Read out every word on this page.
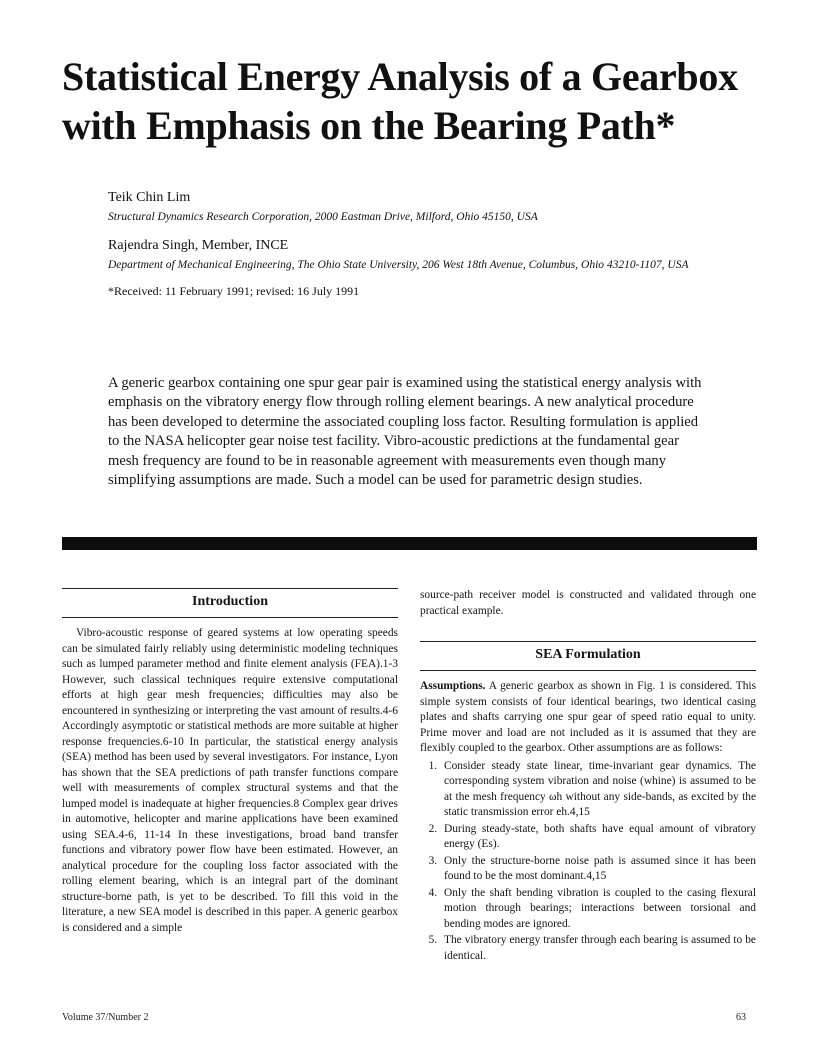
Statistical Energy Analysis of a Gearbox
with Emphasis on the Bearing Path*

Teik Chin Lim

Structural Dynamics Research Corporation, 2000 Eastman Drive, Milford, Ohio 45150, USA

Rajendra Singh, Member, INCE

Department of Mechanical Engineering, The Ohio State University, 206 West 18th Avenue, Columbus, Ohio 43210-1107, USA

*Received: 11 February 1991; revised: 16 July 1991

A generic gearbox containing one spur gear pair is examined using the statistical energy analysis with emphasis on the vibratory energy flow through rolling element bearings. A new analytical procedure has been developed to determine the associated coupling loss factor. Resulting formulation is applied to the NASA helicopter gear noise test facility. Vibro-acoustic predictions at the fundamental gear mesh frequency are found to be in reasonable agreement with measurements even though many simplifying assumptions are made. Such a model can be used for parametric design studies.

Introduction

Vibro-acoustic response of geared systems at low operating speeds can be simulated fairly reliably using deterministic modeling techniques such as lumped parameter method and finite element analysis (FEA).1-3 However, such classical techniques require extensive computational efforts at high gear mesh frequencies; difficulties may also be encountered in synthesizing or interpreting the vast amount of results.4-6 Accordingly asymptotic or statistical methods are more suitable at higher response frequencies.6-10 In particular, the statistical energy analysis (SEA) method has been used by several investigators. For instance, Lyon has shown that the SEA predictions of path transfer functions compare well with measurements of complex structural systems and that the lumped model is inadequate at higher frequencies.8 Complex gear drives in automotive, helicopter and marine applications have been examined using SEA.4-6, 11-14 In these investigations, broad band transfer functions and vibratory power flow have been estimated. However, an analytical procedure for the coupling loss factor associated with the rolling element bearing, which is an integral part of the dominant structure-borne path, is yet to be described. To fill this void in the literature, a new SEA model is described in this paper. A generic gearbox is considered and a simple

source-path receiver model is constructed and validated through one practical example.

SEA Formulation

Assumptions. A generic gearbox as shown in Fig. 1 is considered. This simple system consists of four identical bearings, two identical casing plates and shafts carrying one spur gear of speed ratio equal to unity. Prime mover and load are not included as it is assumed that they are flexibly coupled to the gearbox. Other assumptions are as follows:

1. Consider steady state linear, time-invariant gear dynamics. The corresponding system vibration and noise (whine) is assumed to be at the mesh frequency ωh without any side-bands, as excited by the static transmission error eh.4,15
2. During steady-state, both shafts have equal amount of vibratory energy (Es).
3. Only the structure-borne noise path is assumed since it has been found to be the most dominant.4,15
4. Only the shaft bending vibration is coupled to the casing flexural motion through bearings; interactions between torsional and bending modes are ignored.
5. The vibratory energy transfer through each bearing is assumed to be identical.
Volume 37/Number 2	63
